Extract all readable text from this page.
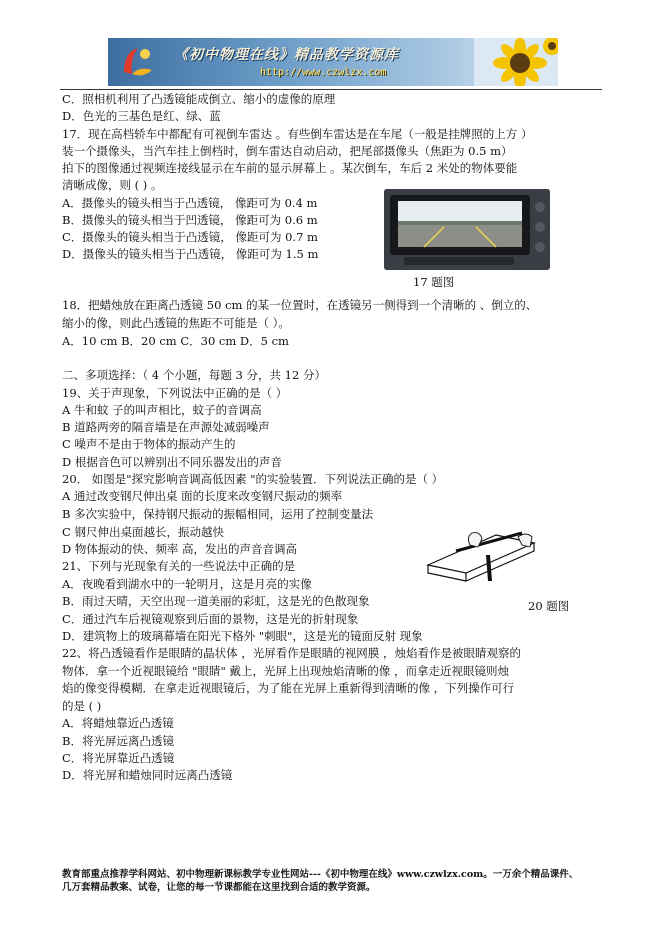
《初中物理在线》精品教学资源库
http://www.czwlzx.com
C．照相机利用了凸透镜能成倒立、缩小的虚像的原理
D．色光的三基色是红、绿、蓝
17．现在高档轿车中都配有可视倒车雷达 。有些倒车雷达是在车尾（一般是挂牌照的上方 ）
装一个摄像头，当汽车挂上倒档时，倒车雷达自动启动，把尾部摄像头（焦距为 0.5 m）
拍下的图像通过视频连接线显示在车前的显示屏幕上 。某次倒车，车后 2 米处的物体要能
清晰成像，则 ( ) 。
A．摄像头的镜头相当于凸透镜， 像距可为 0.4 m
B．摄像头的镜头相当于凹透镜， 像距可为 0.6 m
C．摄像头的镜头相当于凸透镜， 像距可为 0.7 m
D．摄像头的镜头相当于凸透镜， 像距可为 1.5 m
18．把蜡烛放在距离凸透镜 50 cm 的某一位置时，在透镜另一侧得到一个清晰的 、倒立的、
缩小的像，则此凸透镜的焦距不可能是（ ）。
A．10 cm B．20 cm C．30 cm D．5 cm
二、多项选择：（ 4 个小题，每题 3 分，共 12 分）
19、关于声现象，下列说法中正确的是（ ）
A 牛和蚊 子的叫声相比，蚊子的音调高
B 道路两旁的隔音墙是在声源处减弱噪声
C 噪声不是由于物体的振动产生的
D 根据音色可以辨别出不同乐器发出的声音
20． 如图是"探究影响音调高低因素 "的实验装置．下列说法正确的是（ ）
A 通过改变钢尺伸出桌 面的长度来改变钢尺振动的频率
B 多次实验中，保持钢尺振动的振幅相同，运用了控制变量法
C 钢尺伸出桌面越长，振动越快
D 物体振动的快、频率 高，发出的声音音调高
21、下列与光现象有关的一些说法中正确的是
A．夜晚看到湖水中的一轮明月，这是月亮的实像
B．雨过天晴，天空出现一道美丽的彩虹，这是光的色散现象
C．通过汽车后视镜观察到后面的景物，这是光的折射现象
D．建筑物上的玻璃幕墙在阳光下格外 "刺眼"，这是光的镜面反射 现象
22、将凸透镜看作是眼睛的晶状体 ，光屏看作是眼睛的视网膜 ，烛焰看作是被眼睛观察的
物体．拿一个近视眼镜给 "眼睛" 戴上，光屏上出现烛焰清晰的像 ，而拿走近视眼镜则烛
焰的像变得模糊．在拿走近视眼镜后，为了能在光屏上重新得到清晰的像 ，下列操作可行
的是 ( )
A．将蜡烛靠近凸透镜
B．将光屏远离凸透镜
C．将光屏靠近凸透镜
D．将光屏和蜡烛同时远离凸透镜
17 题图
20 题图
教育部重点推荐学科网站、初中物理新课标教学专业性网站---《初中物理在线》www.czwlzx.com。一万余个精品课件、
几万套精品教案、试卷，让您的每一节课都能在这里找到合适的教学资源。
